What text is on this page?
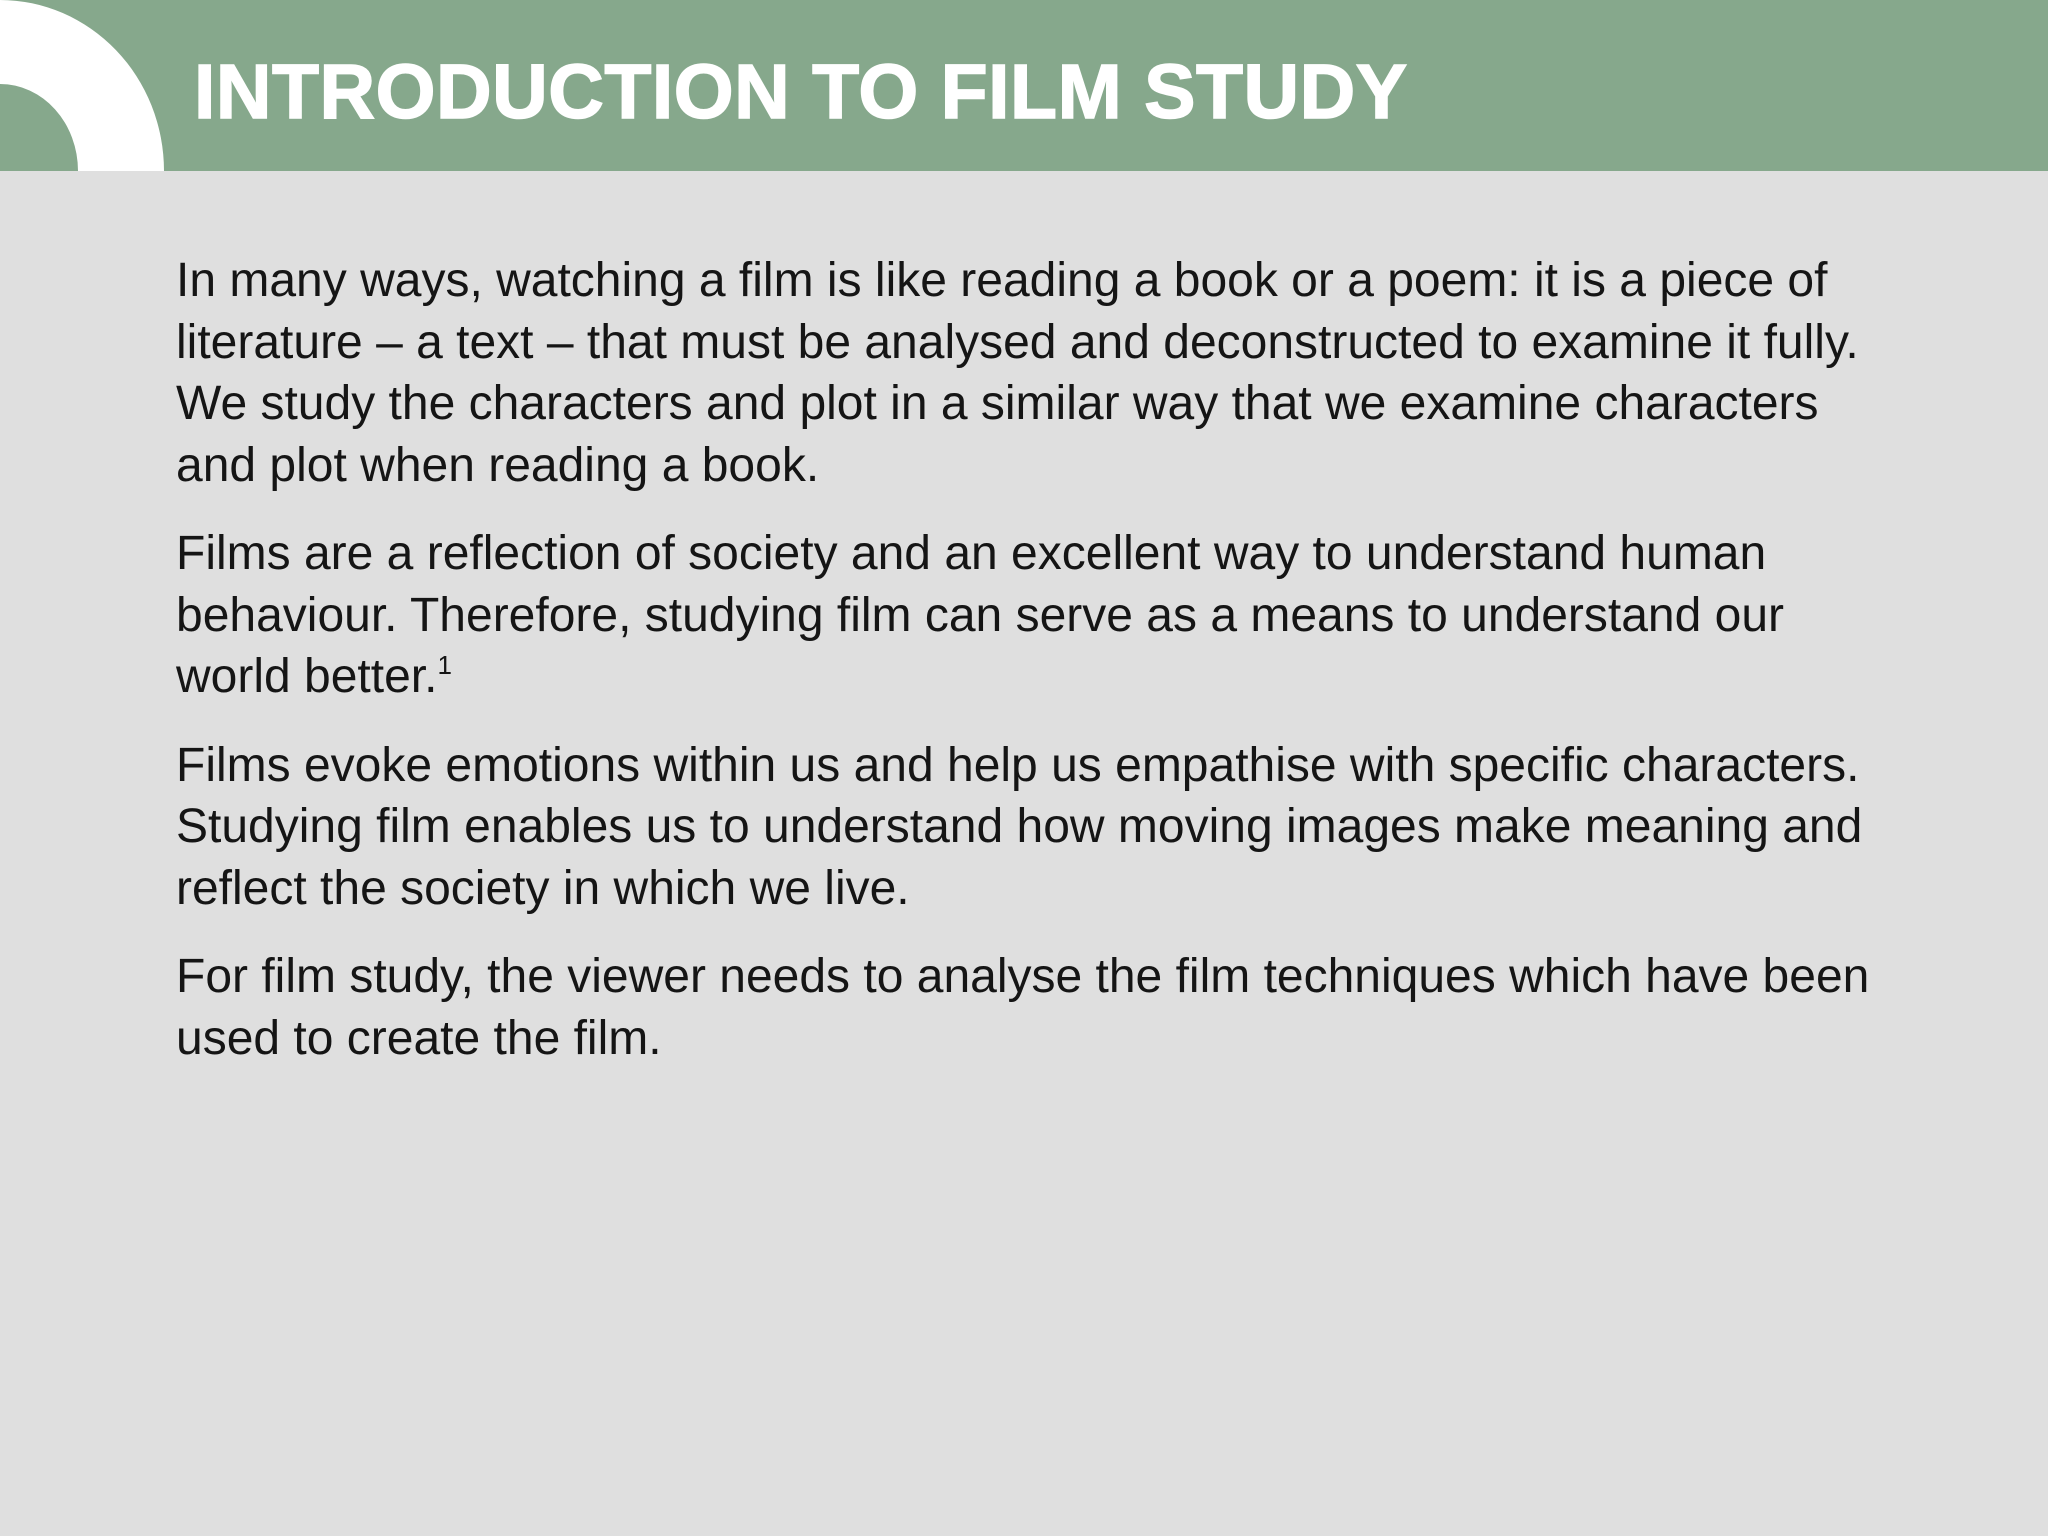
INTRODUCTION TO FILM STUDY

In many ways, watching a film is like reading a book or a poem: it is a piece of literature – a text – that must be analysed and deconstructed to examine it fully. We study the characters and plot in a similar way that we examine characters and plot when reading a book.

Films are a reflection of society and an excellent way to understand human behaviour. Therefore, studying film can serve as a means to understand our world better.$^1$

Films evoke emotions within us and help us empathise with specific characters. Studying film enables us to understand how moving images make meaning and reflect the society in which we live.

For film study, the viewer needs to analyse the film techniques which have been used to create the film.
